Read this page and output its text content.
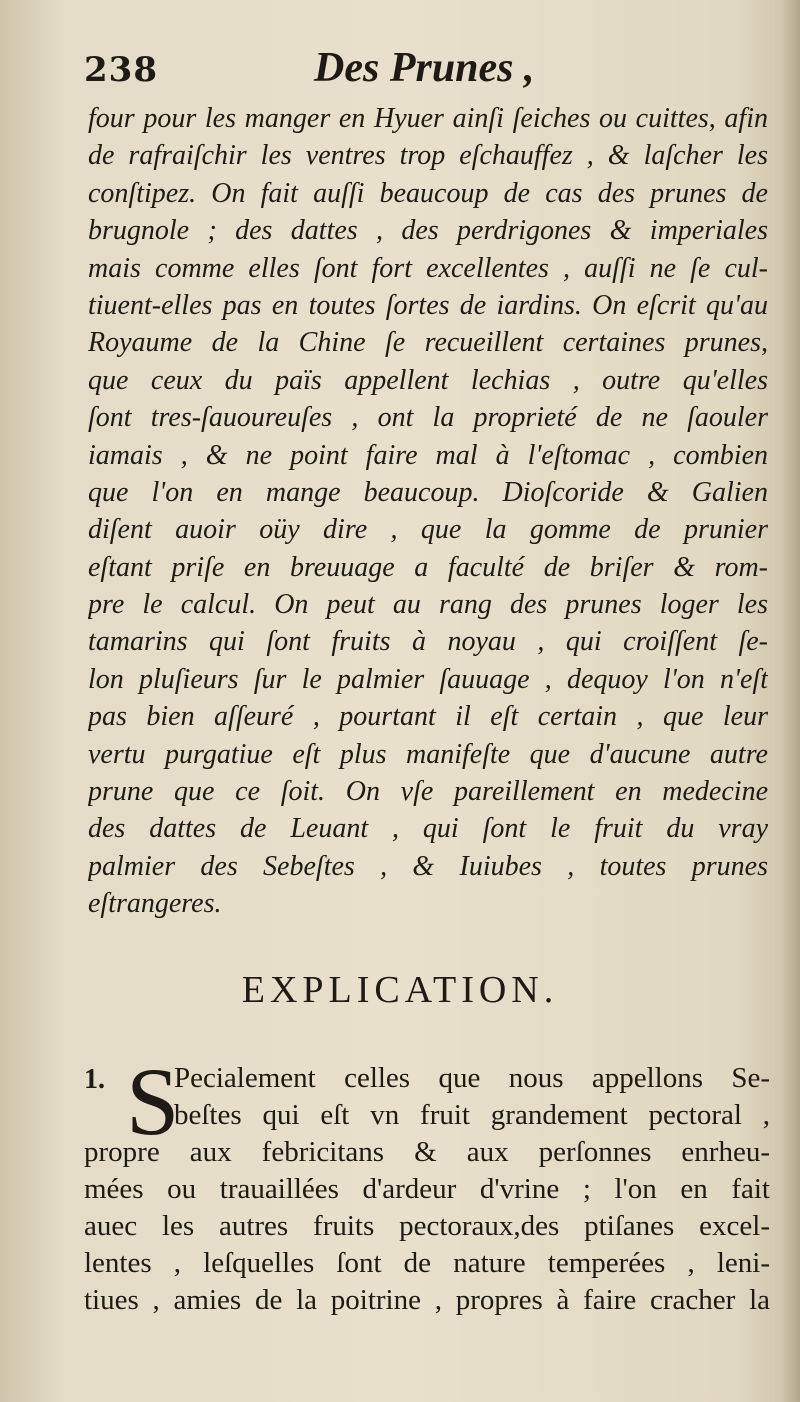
238	Des Prunes ,
four pour les manger en Hyuer ainſi ſeiches ou cuittes, afin
de rafraiſchir les ventres trop eſchauffez , & laſcher les
conſtipez. On fait auſſi beaucoup de cas des prunes de
brugnole ; des dattes , des perdrigones & imperiales
mais comme elles ſont fort excellentes , auſſi ne ſe cul-
tiuent-elles pas en toutes ſortes de iardins. On eſcrit qu'au
Royaume de la Chine ſe recueillent certaines prunes,
que ceux du païs appellent lechias , outre qu'elles
ſont tres-ſauoureuſes , ont la proprieté de ne ſaouler
iamais , & ne point faire mal à l'eſtomac , combien
que l'on en mange beaucoup. Dioſcoride & Galien
diſent auoir oüy dire , que la gomme de prunier
eſtant priſe en breuuage a faculté de briſer & rom-
pre le calcul. On peut au rang des prunes loger les
tamarins qui ſont fruits à noyau , qui croiſſent ſe-
lon pluſieurs ſur le palmier ſauuage , dequoy l'on n'eſt
pas bien aſſeuré , pourtant il eſt certain , que leur
vertu purgatiue eſt plus manifeſte que d'aucune autre
prune que ce ſoit. On vſe pareillement en medecine
des dattes de Leuant , qui ſont le fruit du vray
palmier des Sebeſtes , & Iuiubes , toutes prunes
eſtrangeres.
EXPLICATION.
1. S
Pecialement celles que nous appellons Se-
beſtes qui eſt vn fruit grandement pectoral ,
propre aux febricitans & aux perſonnes enrheu-
mées ou trauaillées d'ardeur d'vrine ; l'on en fait
auec les autres fruits pectoraux,des ptiſanes excel-
lentes , leſquelles ſont de nature temperées , leni-
tiues , amies de la poitrine , propres à faire cracher la
